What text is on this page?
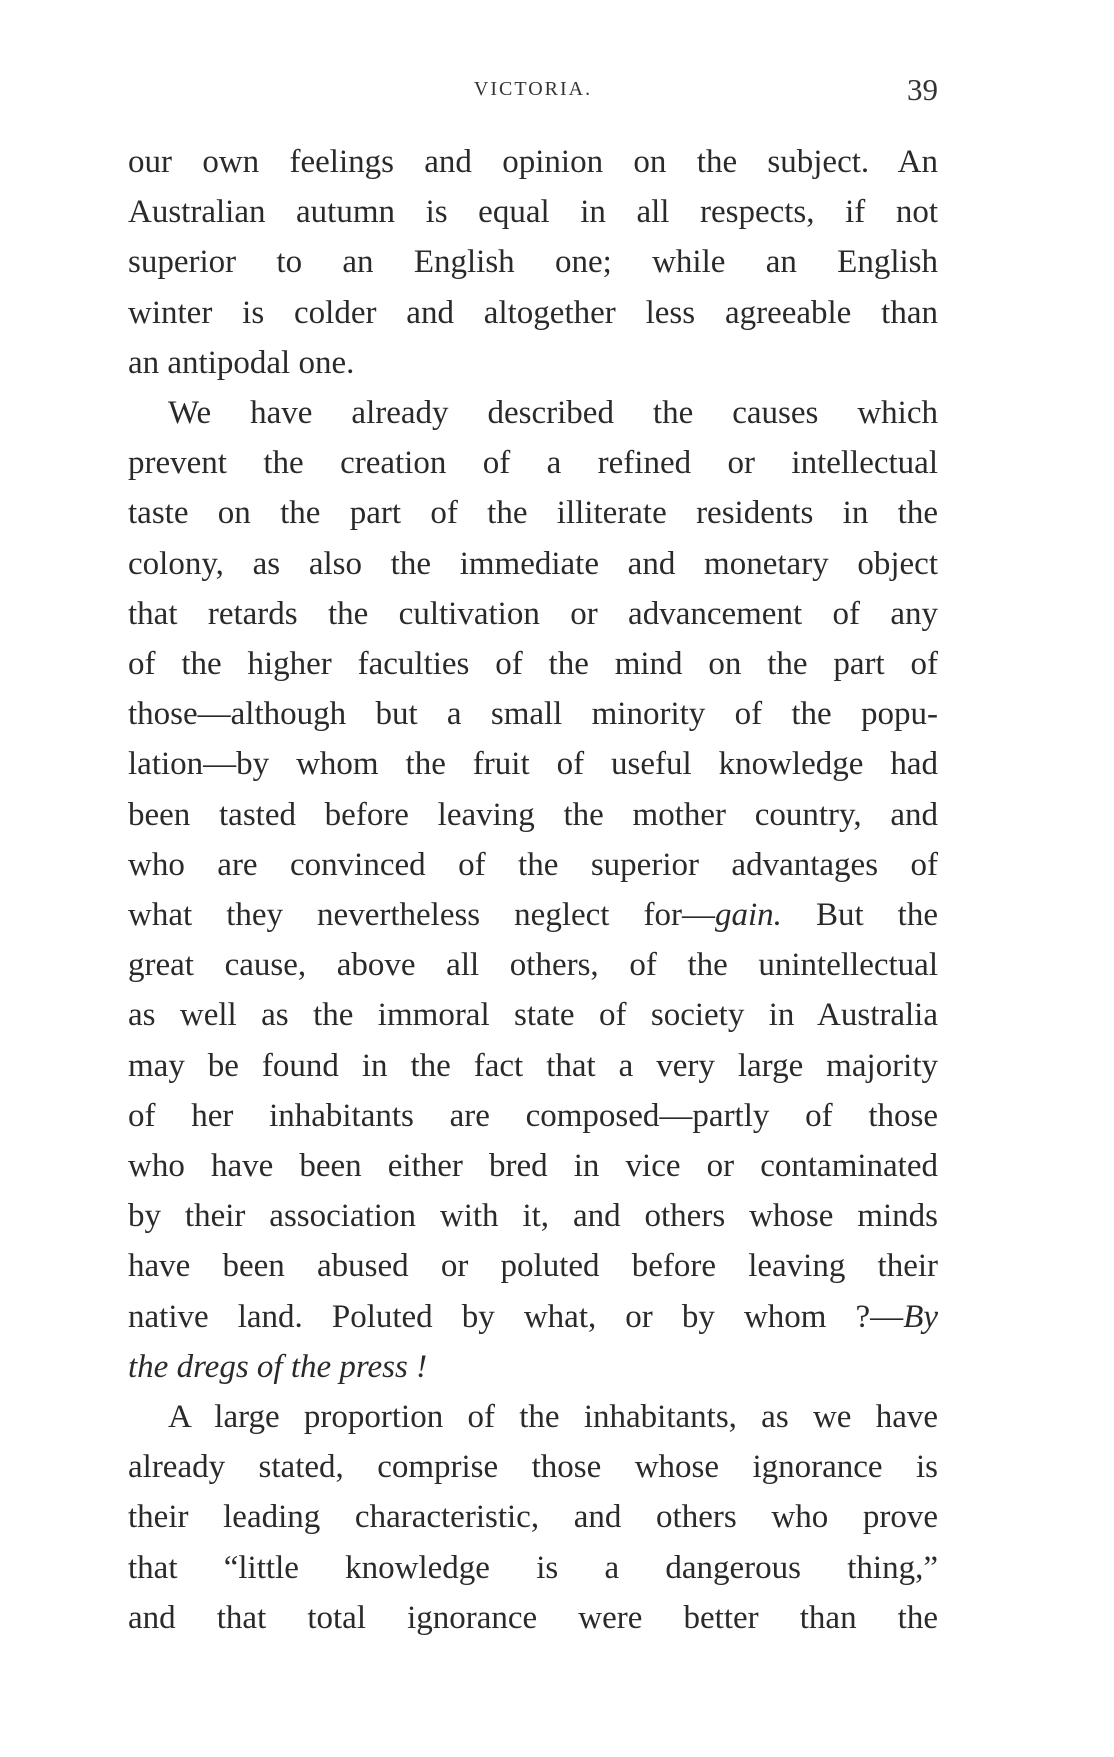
VICTORIA.	39

our own feelings and opinion on the subject. An

Australian autumn is equal in all respects, if not

superior to an English one; while an English

winter is colder and altogether less agreeable than

an antipodal one.

We have already described the causes which

prevent the creation of a refined or intellectual

taste on the part of the illiterate residents in the

colony, as also the immediate and monetary object

that retards the cultivation or advancement of any

of the higher faculties of the mind on the part of

those—although but a small minority of the popu-

lation—by whom the fruit of useful knowledge had

been tasted before leaving the mother country, and

who are convinced of the superior advantages of

what they nevertheless neglect for—gain. But the

great cause, above all others, of the unintellectual

as well as the immoral state of society in Australia

may be found in the fact that a very large majority

of her inhabitants are composed—partly of those

who have been either bred in vice or contaminated

by their association with it, and others whose minds

have been abused or poluted before leaving their

native land. Poluted by what, or by whom ?—By

the dregs of the press !

A large proportion of the inhabitants, as we have

already stated, comprise those whose ignorance is

their leading characteristic, and others who prove

that “little knowledge is a dangerous thing,”

and that total ignorance were better than the
